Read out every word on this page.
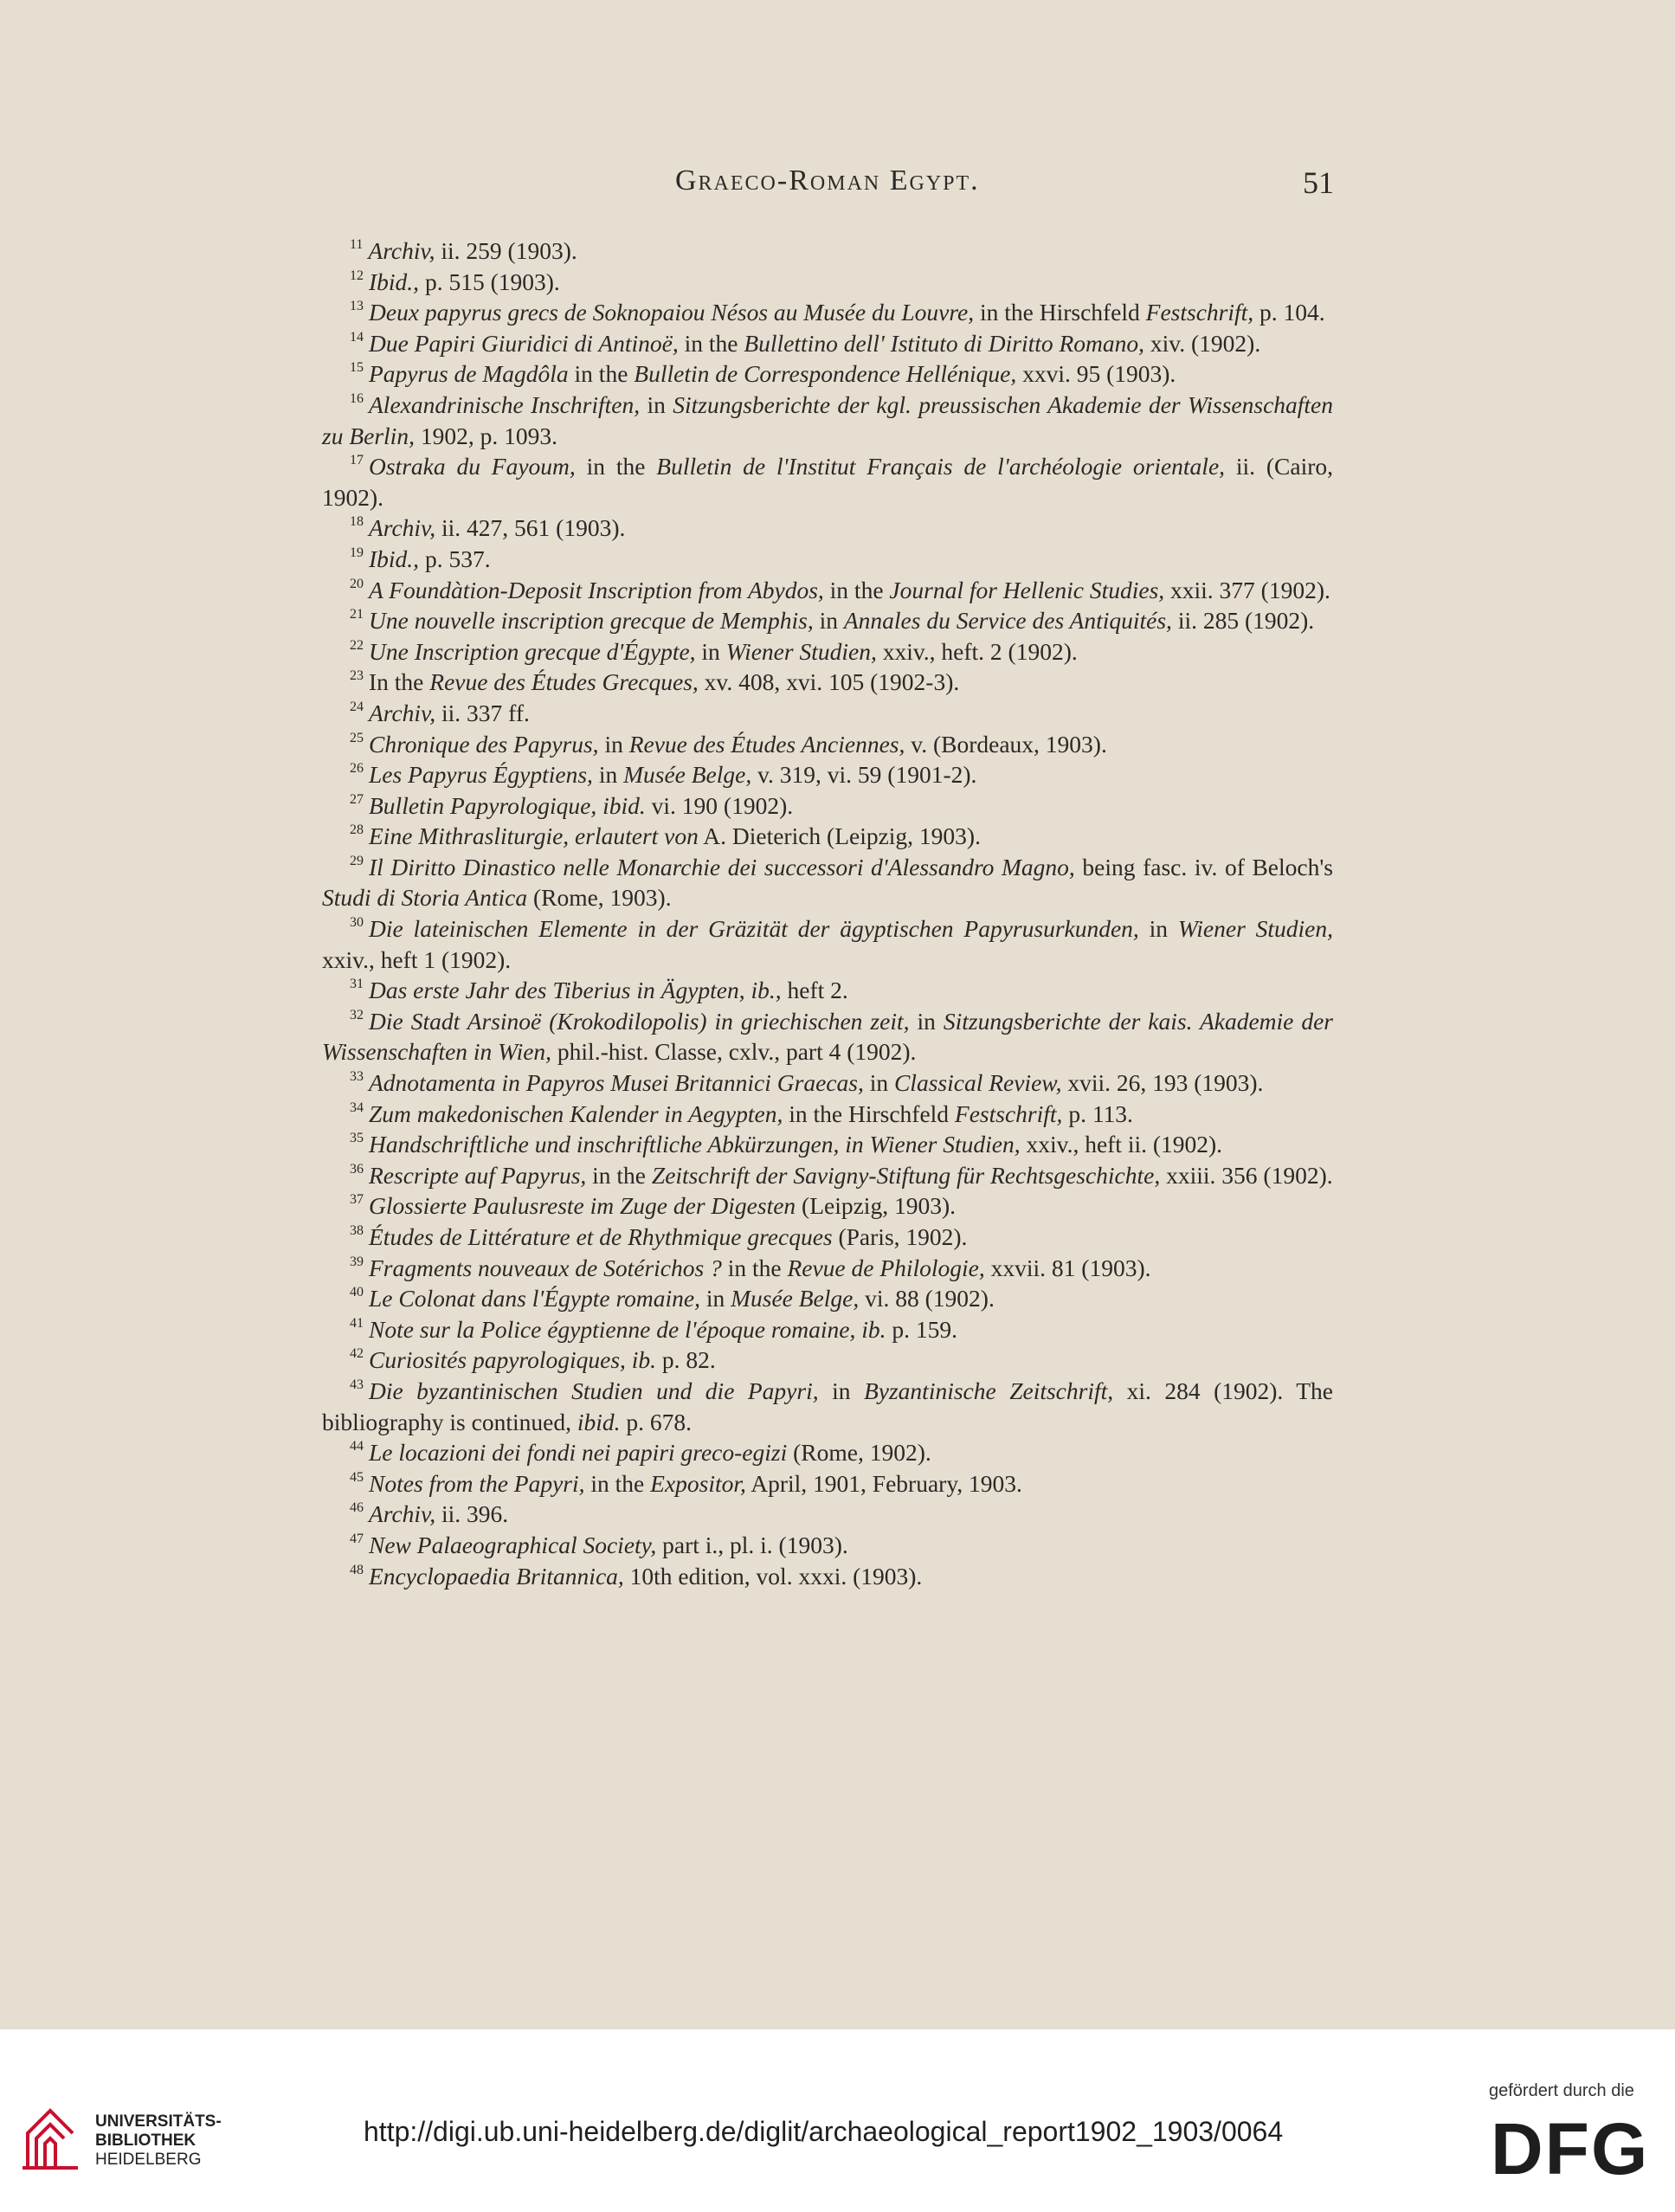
Graeco-Roman Egypt.	51

$^{11}$ Archiv, ii. 259 (1903).

$^{12}$ Ibid., p. 515 (1903).

$^{13}$ Deux papyrus grecs de Soknopaiou Nésos au Musée du Louvre, in the Hirschfeld Festschrift, p. 104.

$^{14}$ Due Papiri Giuridici di Antinoë, in the Bullettino dell' Istituto di Diritto Romano, xiv. (1902).

$^{15}$ Papyrus de Magdôla in the Bulletin de Correspondence Hellénique, xxvi. 95 (1903).

$^{16}$ Alexandrinische Inschriften, in Sitzungsberichte der kgl. preussischen Akademie der Wissenschaften zu Berlin, 1902, p. 1093.

$^{17}$ Ostraka du Fayoum, in the Bulletin de l'Institut Français de l'archéologie orientale, ii. (Cairo, 1902).

$^{18}$ Archiv, ii. 427, 561 (1903).

$^{19}$ Ibid., p. 537.

$^{20}$ A Foundàtion-Deposit Inscription from Abydos, in the Journal for Hellenic Studies, xxii. 377 (1902).

$^{21}$ Une nouvelle inscription grecque de Memphis, in Annales du Service des Antiquités, ii. 285 (1902).

$^{22}$ Une Inscription grecque d'Égypte, in Wiener Studien, xxiv., heft. 2 (1902).

$^{23}$ In the Revue des Études Grecques, xv. 408, xvi. 105 (1902-3).

$^{24}$ Archiv, ii. 337 ff.

$^{25}$ Chronique des Papyrus, in Revue des Études Anciennes, v. (Bordeaux, 1903).

$^{26}$ Les Papyrus Égyptiens, in Musée Belge, v. 319, vi. 59 (1901-2).

$^{27}$ Bulletin Papyrologique, ibid. vi. 190 (1902).

$^{28}$ Eine Mithrasliturgie, erlautert von A. Dieterich (Leipzig, 1903).

$^{29}$ Il Diritto Dinastico nelle Monarchie dei successori d'Alessandro Magno, being fasc. iv. of Beloch's Studi di Storia Antica (Rome, 1903).

$^{30}$ Die lateinischen Elemente in der Gräzität der ägyptischen Papyrusurkunden, in Wiener Studien, xxiv., heft 1 (1902).

$^{31}$ Das erste Jahr des Tiberius in Ägypten, ib., heft 2.

$^{32}$ Die Stadt Arsinoë (Krokodilopolis) in griechischen zeit, in Sitzungsberichte der kais. Akademie der Wissenschaften in Wien, phil.-hist. Classe, cxlv., part 4 (1902).

$^{33}$ Adnotamenta in Papyros Musei Britannici Graecas, in Classical Review, xvii. 26, 193 (1903).

$^{34}$ Zum makedonischen Kalender in Aegypten, in the Hirschfeld Festschrift, p. 113.

$^{35}$ Handschriftliche und inschriftliche Abkürzungen, in Wiener Studien, xxiv., heft ii. (1902).

$^{36}$ Rescripte auf Papyrus, in the Zeitschrift der Savigny-Stiftung für Rechtsgeschichte, xxiii. 356 (1902).

$^{37}$ Glossierte Paulusreste im Zuge der Digesten (Leipzig, 1903).

$^{38}$ Études de Littérature et de Rhythmique grecques (Paris, 1902).

$^{39}$ Fragments nouveaux de Sotérichos ? in the Revue de Philologie, xxvii. 81 (1903).

$^{40}$ Le Colonat dans l'Égypte romaine, in Musée Belge, vi. 88 (1902).

$^{41}$ Note sur la Police égyptienne de l'époque romaine, ib. p. 159.

$^{42}$ Curiosités papyrologiques, ib. p. 82.

$^{43}$ Die byzantinischen Studien und die Papyri, in Byzantinische Zeitschrift, xi. 284 (1902). The bibliography is continued, ibid. p. 678.

$^{44}$ Le locazioni dei fondi nei papiri greco-egizi (Rome, 1902).

$^{45}$ Notes from the Papyri, in the Expositor, April, 1901, February, 1903.

$^{46}$ Archiv, ii. 396.

$^{47}$ New Palaeographical Society, part i., pl. i. (1903).

$^{48}$ Encyclopaedia Britannica, 10th edition, vol. xxxi. (1903).

UNIVERSITÄTS-
BIBLIOTHEK
HEIDELBERG
http://digi.ub.uni-heidelberg.de/diglit/archaeological_report1902_1903/0064
gefördert durch die
DFG
